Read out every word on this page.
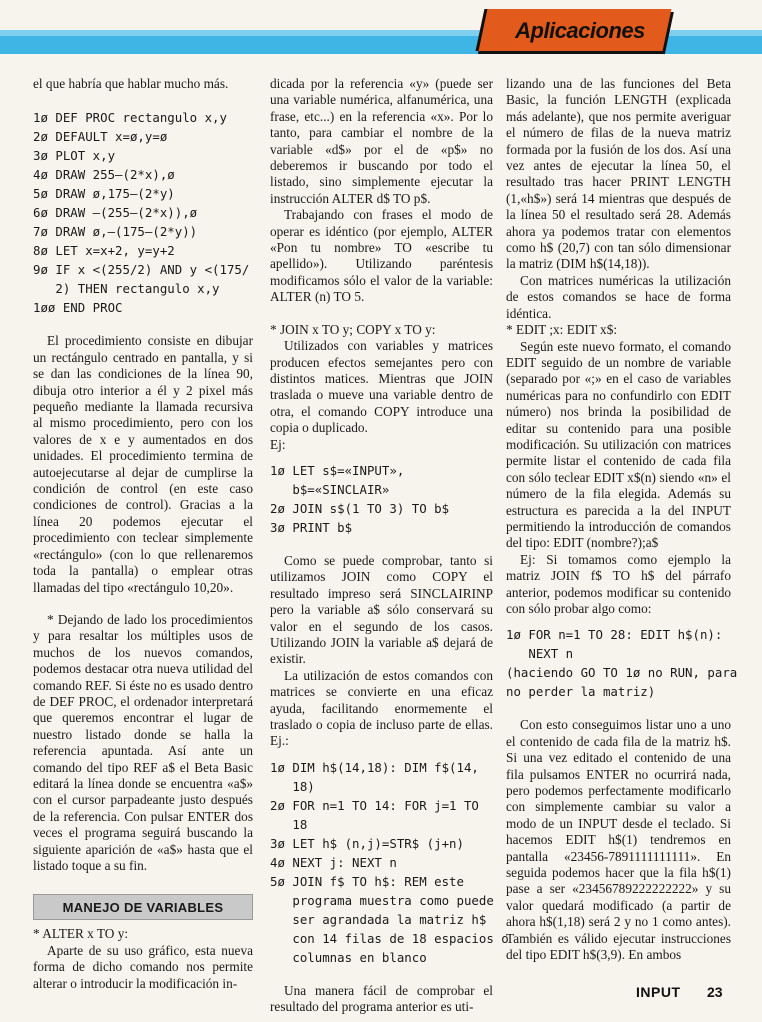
Aplicaciones

el que habría que hablar mucho más.

1ø DEF PROC rectangulo x,y
2ø DEFAULT x=ø,y=ø
3ø PLOT x,y
4ø DRAW 255–(2*x),ø
5ø DRAW ø,175–(2*y)
6ø DRAW –(255–(2*x)),ø
7ø DRAW ø,–(175–(2*y))
8ø LET x=x+2, y=y+2
9ø IF x <(255/2) AND y <(175/
2) THEN rectangulo x,y
1øø END PROC

El procedimiento consiste en dibujar un rectángulo centrado en pantalla, y si se dan las condiciones de la línea 90, dibuja otro interior a él y 2 pixel más pequeño mediante la llamada recursiva al mismo procedimiento, pero con los valores de x e y aumentados en dos unidades. El procedimiento termina de autoejecutarse al dejar de cumplirse la condición de control (en este caso condiciones de control). Gracias a la línea 20 podemos ejecutar el procedimiento con teclear simplemente «rectángulo» (con lo que rellenaremos toda la pantalla) o emplear otras llamadas del tipo «rectángulo 10,20».

* Dejando de lado los procedimientos y para resaltar los múltiples usos de muchos de los nuevos comandos, podemos destacar otra nueva utilidad del comando REF. Si éste no es usado dentro de DEF PROC, el ordenador interpretará que queremos encontrar el lugar de nuestro listado donde se halla la referencia apuntada. Así ante un comando del tipo REF a$ el Beta Basic editará la línea donde se encuentra «a$» con el cursor parpadeante justo después de la referencia. Con pulsar ENTER dos veces el programa seguirá buscando la siguiente aparición de «a$» hasta que el listado toque a su fin.

MANEJO DE VARIABLES

* ALTER x TO y:

Aparte de su uso gráfico, esta nueva forma de dicho comando nos permite alterar o introducir la modificación in-

dicada por la referencia «y» (puede ser una variable numérica, alfanumérica, una frase, etc...) en la referencia «x». Por lo tanto, para cambiar el nombre de la variable «d$» por el de «p$» no deberemos ir buscando por todo el listado, sino simplemente ejecutar la instrucción ALTER d$ TO p$.

Trabajando con frases el modo de operar es idéntico (por ejemplo, ALTER «Pon tu nombre» TO «escribe tu apellido»). Utilizando paréntesis modificamos sólo el valor de la variable: ALTER (n) TO 5.

* JOIN x TO y; COPY x TO y:

Utilizados con variables y matrices producen efectos semejantes pero con distintos matices. Mientras que JOIN traslada o mueve una variable dentro de otra, el comando COPY introduce una copia o duplicado.

Ej:

1ø LET s$=«INPUT»,
b$=«SINCLAIR»
2ø JOIN s$(1 TO 3) TO b$
3ø PRINT b$

Como se puede comprobar, tanto si utilizamos JOIN como COPY el resultado impreso será SINCLAIRINP pero la variable a$ sólo conservará su valor en el segundo de los casos. Utilizando JOIN la variable a$ dejará de existir.

La utilización de estos comandos con matrices se convierte en una eficaz ayuda, facilitando enormemente el traslado o copia de incluso parte de ellas. Ej.:

1ø DIM h$(14,18): DIM f$(14,
18)
2ø FOR n=1 TO 14: FOR j=1 TO
18
3ø LET h$ (n,j)=STR$ (j+n)
4ø NEXT j: NEXT n
5ø JOIN f$ TO h$: REM este
programa muestra como puede
ser agrandada la matriz h$
con 14 filas de 18 espacios o
columnas en blanco

Una manera fácil de comprobar el resultado del programa anterior es uti-

lizando una de las funciones del Beta Basic, la función LENGTH (explicada más adelante), que nos permite averiguar el número de filas de la nueva matriz formada por la fusión de los dos. Así una vez antes de ejecutar la línea 50, el resultado tras hacer PRINT LENGTH (1,«h$») será 14 mientras que después de la línea 50 el resultado será 28. Además ahora ya podemos tratar con elementos como h$ (20,7) con tan sólo dimensionar la matriz (DIM h$(14,18)).

Con matrices numéricas la utilización de estos comandos se hace de forma idéntica.

* EDIT ;x: EDIT x$:

Según este nuevo formato, el comando EDIT seguido de un nombre de variable (separado por «;» en el caso de variables numéricas para no confundirlo con EDIT número) nos brinda la posibilidad de editar su contenido para una posible modificación. Su utilización con matrices permite listar el contenido de cada fila con sólo teclear EDIT x$(n) siendo «n» el número de la fila elegida. Además su estructura es parecida a la del INPUT permitiendo la introducción de comandos del tipo: EDIT (nombre?);a$

Ej: Si tomamos como ejemplo la matriz JOIN f$ TO h$ del párrafo anterior, podemos modificar su contenido con sólo probar algo como:

1ø FOR n=1 TO 28: EDIT h$(n):
NEXT n
(haciendo GO TO 1ø no RUN, para
no perder la matriz)

Con esto conseguimos listar uno a uno el contenido de cada fila de la matriz h$. Si una vez editado el contenido de una fila pulsamos ENTER no ocurrirá nada, pero podemos perfectamente modificarlo con simplemente cambiar su valor a modo de un INPUT desde el teclado. Si hacemos EDIT h$(1) tendremos en pantalla «23456-7891111111111». En seguida podemos hacer que la fila h$(1) pase a ser «23456789222222222» y su valor quedará modificado (a partir de ahora h$(1,18) será 2 y no 1 como antes). También es válido ejecutar instrucciones del tipo EDIT h$(3,9). En ambos

INPUT 23
